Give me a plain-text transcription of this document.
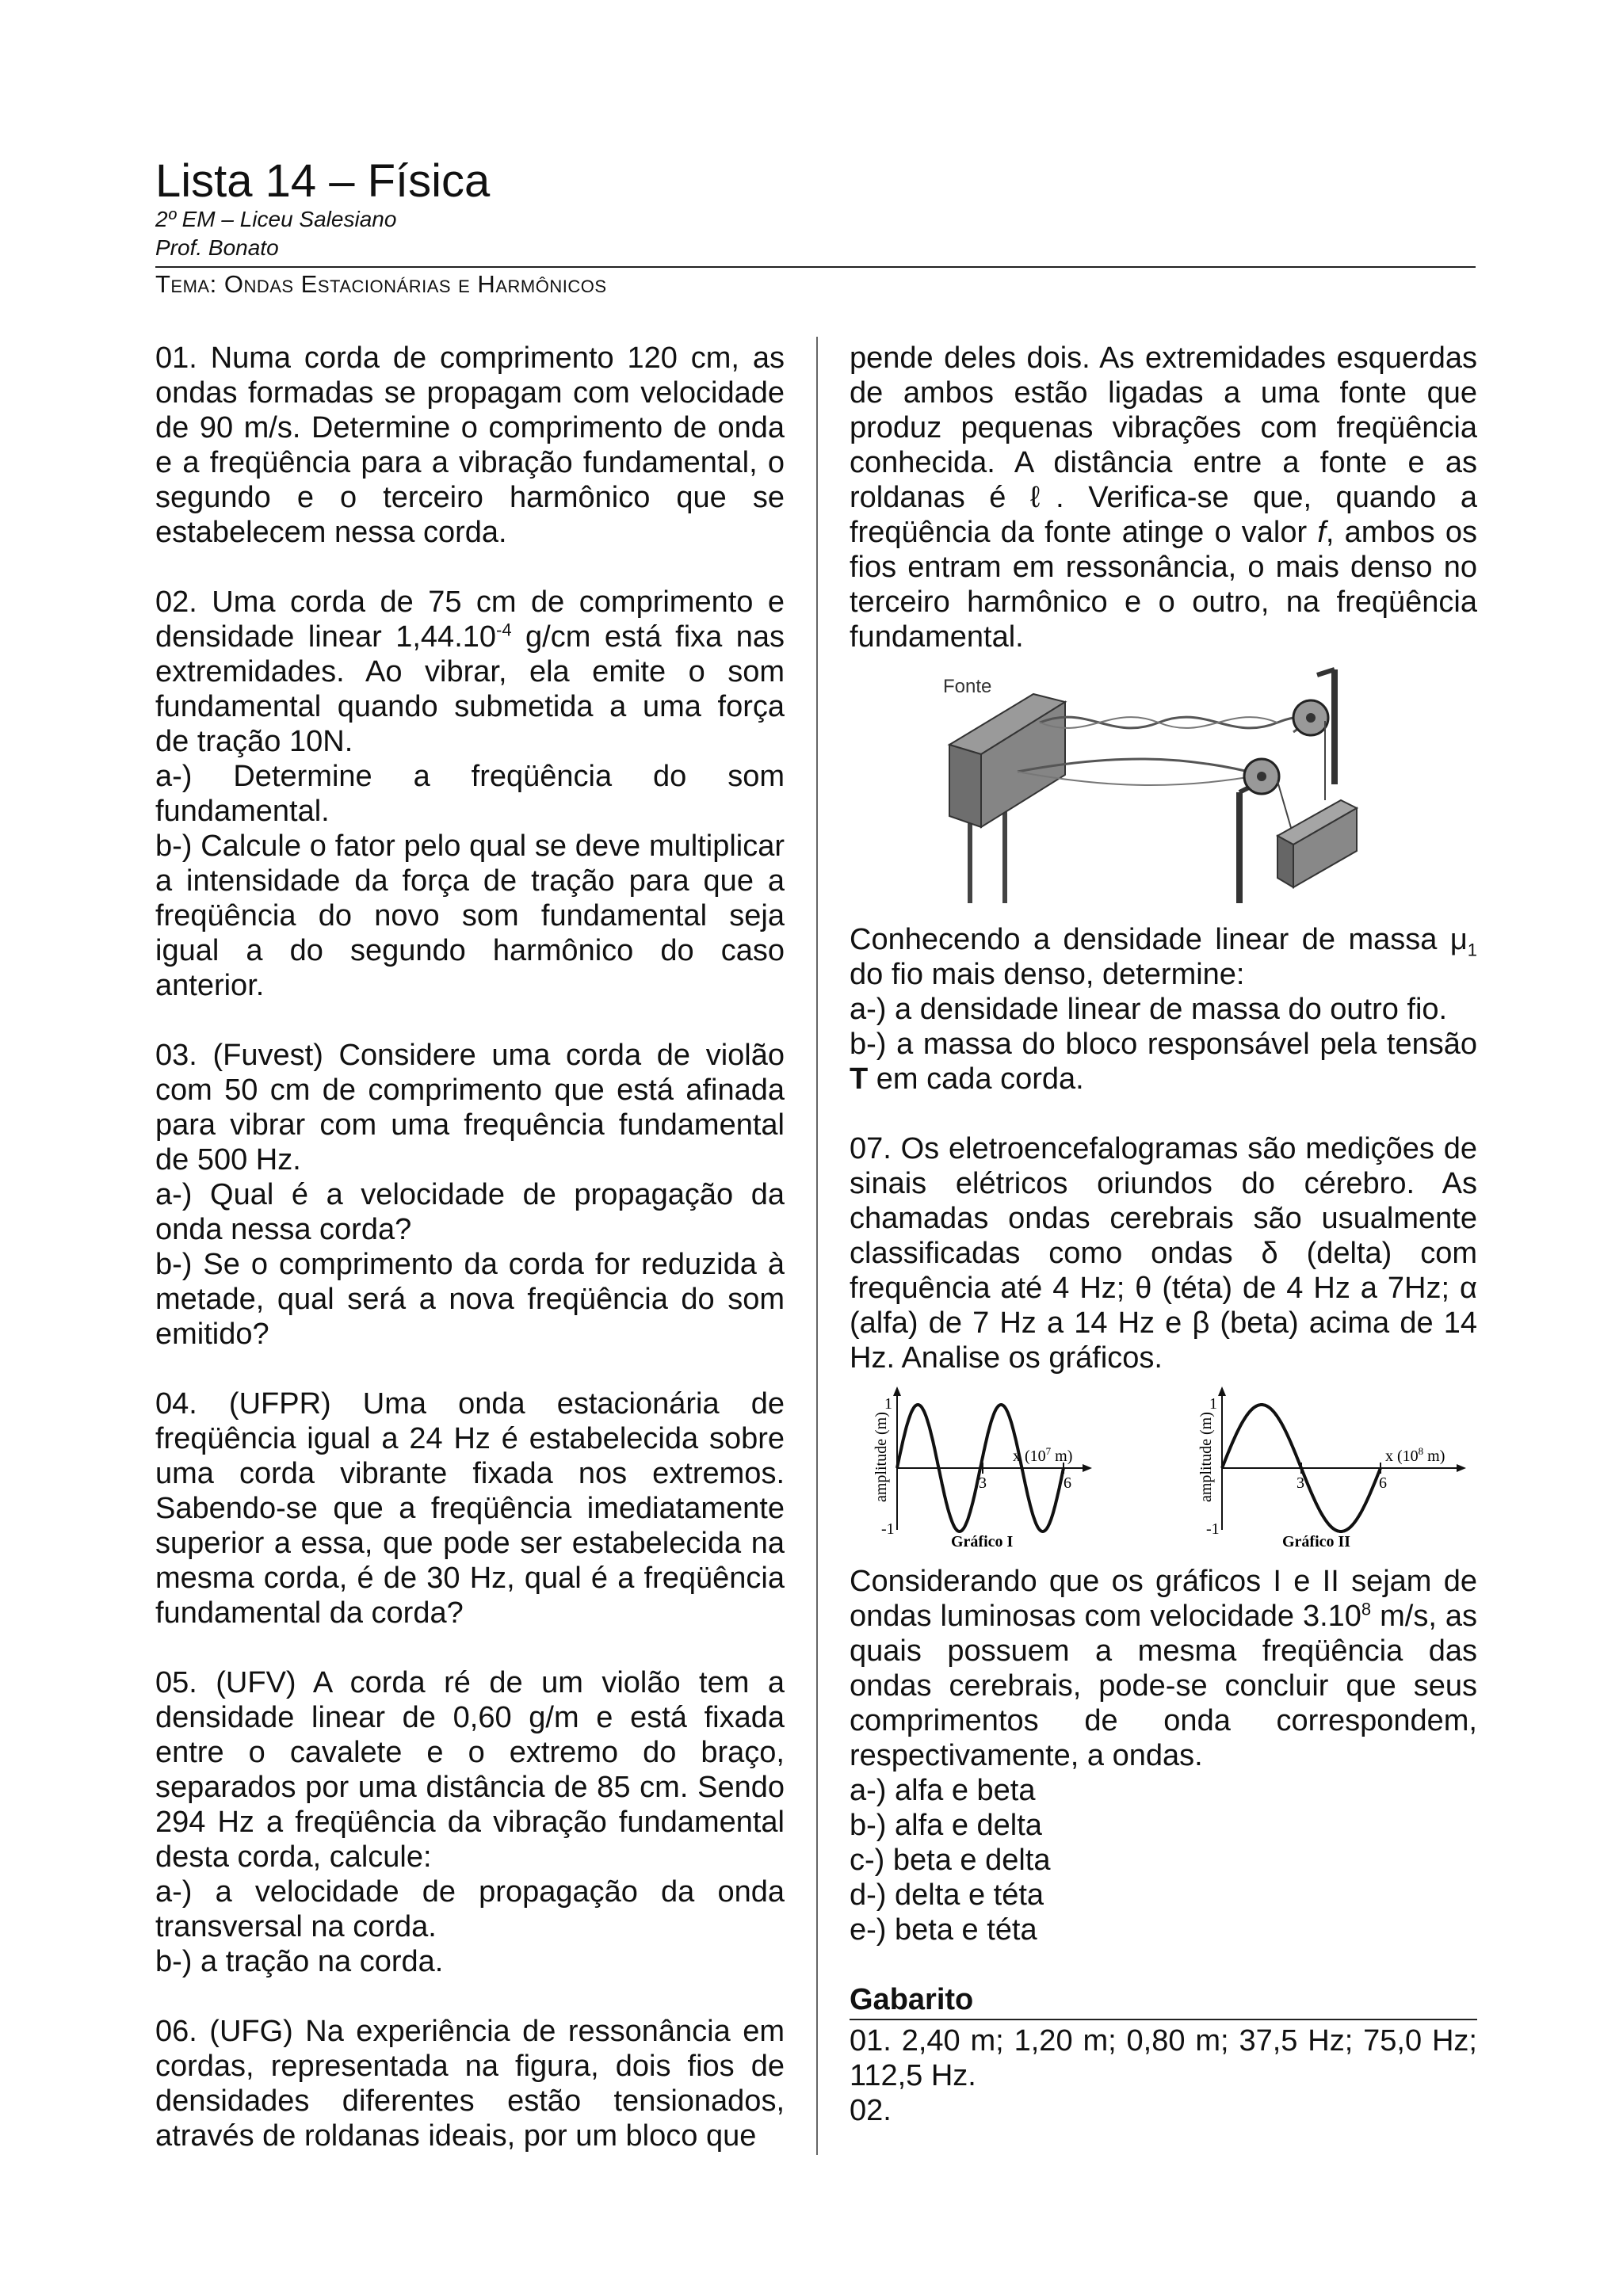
Lista 14 – Física
2º EM – Liceu Salesiano
Prof. Bonato
Tema: Ondas Estacionárias e Harmônicos

01. Numa corda de comprimento 120 cm, as ondas formadas se propagam com velocidade de 90 m/s. Determine o comprimento de onda e a freqüência para a vibração fundamental, o segundo e o terceiro harmônico que se estabelecem nessa corda.

02. Uma corda de 75 cm de comprimento e densidade linear $1,44.10^{-4}$ g/cm está fixa nas extremidades. Ao vibrar, ela emite o som fundamental quando submetida a uma força de tração 10N.

a-) Determine a freqüência do som fundamental.

b-) Calcule o fator pelo qual se deve multiplicar a intensidade da força de tração para que a freqüência do novo som fundamental seja igual a do segundo harmônico do caso anterior.

03. (Fuvest) Considere uma corda de violão com 50 cm de comprimento que está afinada para vibrar com uma frequência fundamental de 500 Hz.

a-) Qual é a velocidade de propagação da onda nessa corda?

b-) Se o comprimento da corda for reduzida à metade, qual será a nova freqüência do som emitido?

04. (UFPR) Uma onda estacionária de freqüência igual a 24 Hz é estabelecida sobre uma corda vibrante fixada nos extremos. Sabendo-se que a freqüência imediatamente superior a essa, que pode ser estabelecida na mesma corda, é de 30 Hz, qual é a freqüência fundamental da corda?

05. (UFV) A corda ré de um violão tem a densidade linear de 0,60 g/m e está fixada entre o cavalete e o extremo do braço, separados por uma distância de 85 cm. Sendo 294 Hz a freqüência da vibração fundamental desta corda, calcule:

a-) a velocidade de propagação da onda transversal na corda.

b-) a tração na corda.

06. (UFG) Na experiência de ressonância em cordas, representada na figura, dois fios de densidades diferentes estão tensionados, através de roldanas ideais, por um bloco que

pende deles dois. As extremidades esquerdas de ambos estão ligadas a uma fonte que produz pequenas vibrações com freqüência conhecida. A distância entre a fonte e as roldanas é ℓ. Verifica-se que, quando a freqüência da fonte atinge o valor f, ambos os fios entram em ressonância, o mais denso no terceiro harmônico e o outro, na freqüência fundamental.

Fonte

Conhecendo a densidade linear de massa $\mu_1$ do fio mais denso, determine:

a-) a densidade linear de massa do outro fio.

b-) a massa do bloco responsável pela tensão T em cada corda.

07. Os eletroencefalogramas são medições de sinais elétricos oriundos do cérebro. As chamadas ondas cerebrais são usualmente classificadas como ondas δ (delta) com frequência até 4 Hz; θ (téta) de 4 Hz a 7Hz; α (alfa) de 7 Hz a 14 Hz e β (beta) acima de 14 Hz. Analise os gráficos.

amplitude (m)
1
-1
3	6
x ($10^7$ m)
Gráfico I
amplitude (m)
1
-1
3	6
x ($10^8$ m)
Gráfico II

Considerando que os gráficos I e II sejam de ondas luminosas com velocidade 3.10$^8$ m/s, as quais possuem a mesma freqüência das ondas cerebrais, pode-se concluir que seus comprimentos de onda correspondem, respectivamente, a ondas.

a-) alfa e beta

b-) alfa e delta

c-) beta e delta

d-) delta e téta

e-) beta e téta

Gabarito

01. 2,40 m; 1,20 m; 0,80 m; 37,5 Hz; 75,0 Hz; 112,5 Hz.

02.
